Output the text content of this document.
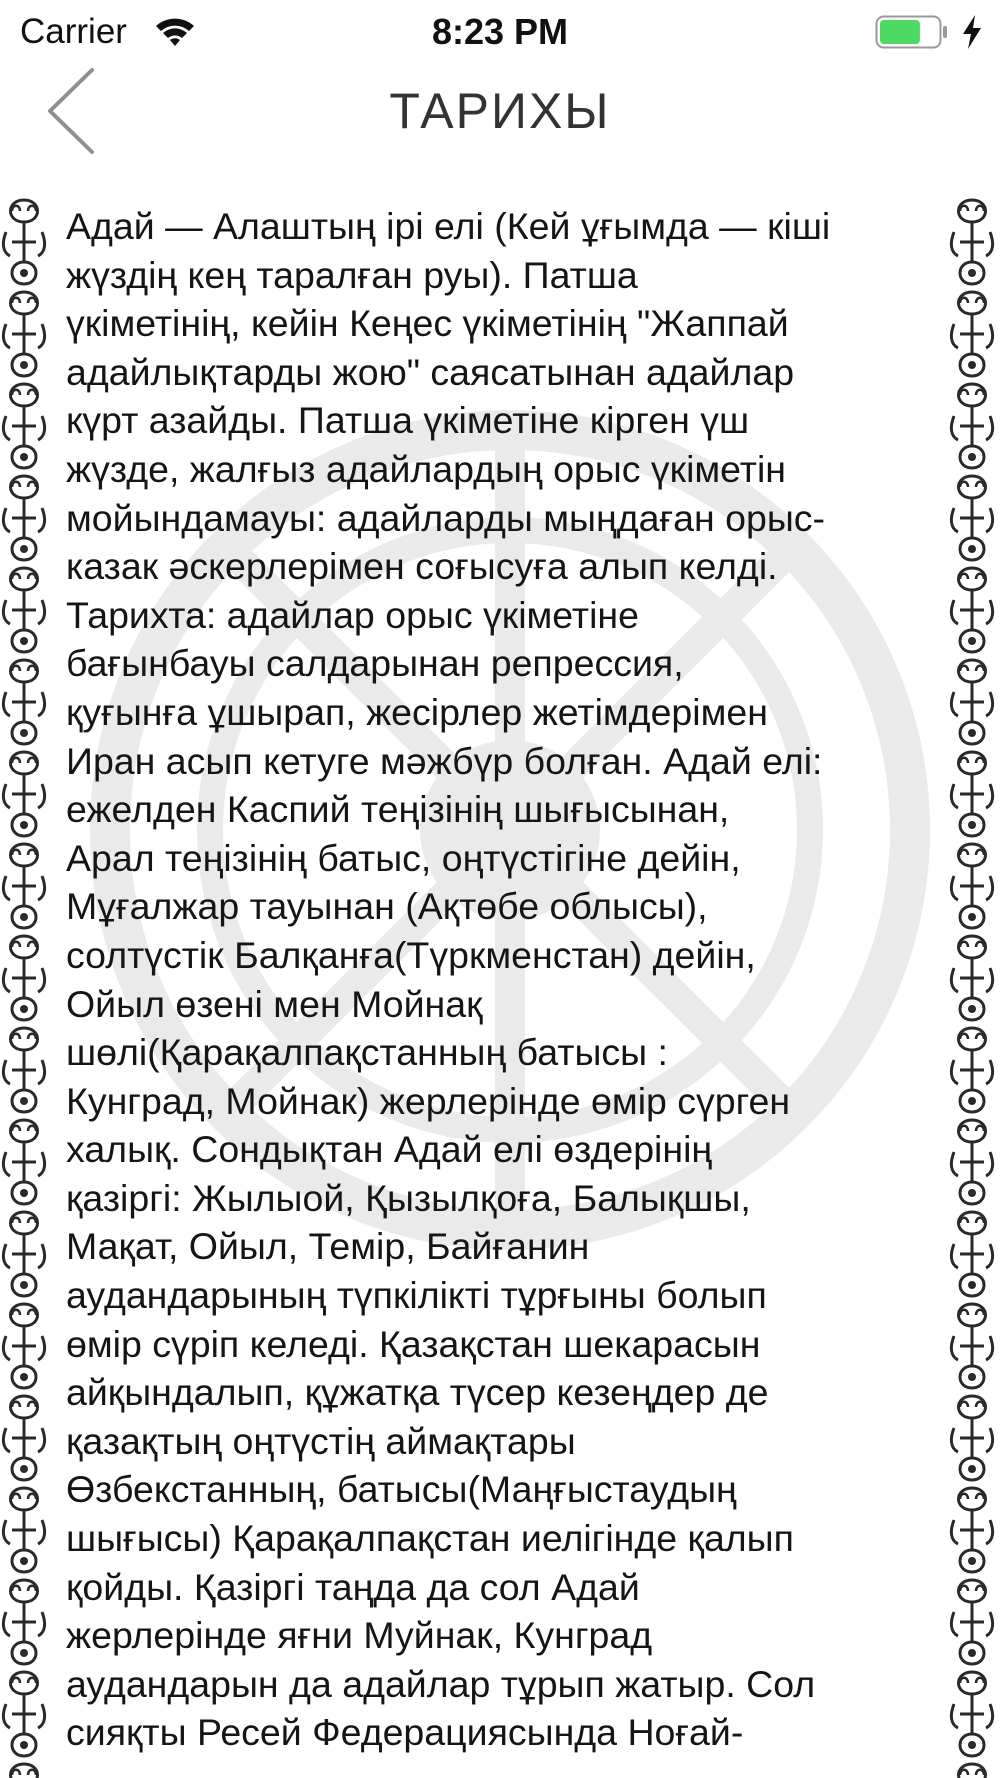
Carrier	8:23 PM
ТАРИХЫ

Адай — Алаштың ірі елі (Кей ұғымда — кіші
жүздің кең таралған руы). Патша
үкіметінің, кейін Кеңес үкіметінің "Жаппай
адайлықтарды жою" саясатынан адайлар
күрт азайды. Патша үкіметіне кірген үш
жүзде, жалғыз адайлардың орыс үкіметін
мойындамауы: адайларды мыңдаған орыс-
казак әскерлерімен соғысуға алып келді.
Тарихта: адайлар орыс үкіметіне
бағынбауы салдарынан репрессия,
қуғынға ұшырап, жесірлер жетімдерімен
Иран асып кетуге мәжбүр болған. Адай елі:
ежелден Каспий теңізінің шығысынан,
Арал теңізінің батыс, оңтүстігіне дейін,
Мұғалжар тауынан (Ақтөбе облысы),
солтүстік Балқанға(Түркменстан) дейін,
Ойыл өзені мен Мойнақ
шөлі(Қарақалпақстанның батысы :
Кунград, Мойнак) жерлерінде өмір сүрген
халық. Сондықтан Адай елі өздерінің
қазіргі: Жылыой, Қызылқоға, Балықшы,
Мақат, Ойыл, Темір, Байғанин
аудандарының түпкілікті тұрғыны болып
өмір сүріп келеді. Қазақстан шекарасын
айқындалып, құжатқа түсер кезеңдер де
қазақтың оңтүстің аймақтары
Өзбекстанның, батысы(Маңғыстаудың
шығысы) Қарақалпақстан иелігінде қалып
қойды. Қазіргі таңда да сол Адай
жерлерінде яғни Муйнак, Кунград
аудандарын да адайлар тұрып жатыр. Сол
сияқты Ресей Федерациясында Ноғай-
